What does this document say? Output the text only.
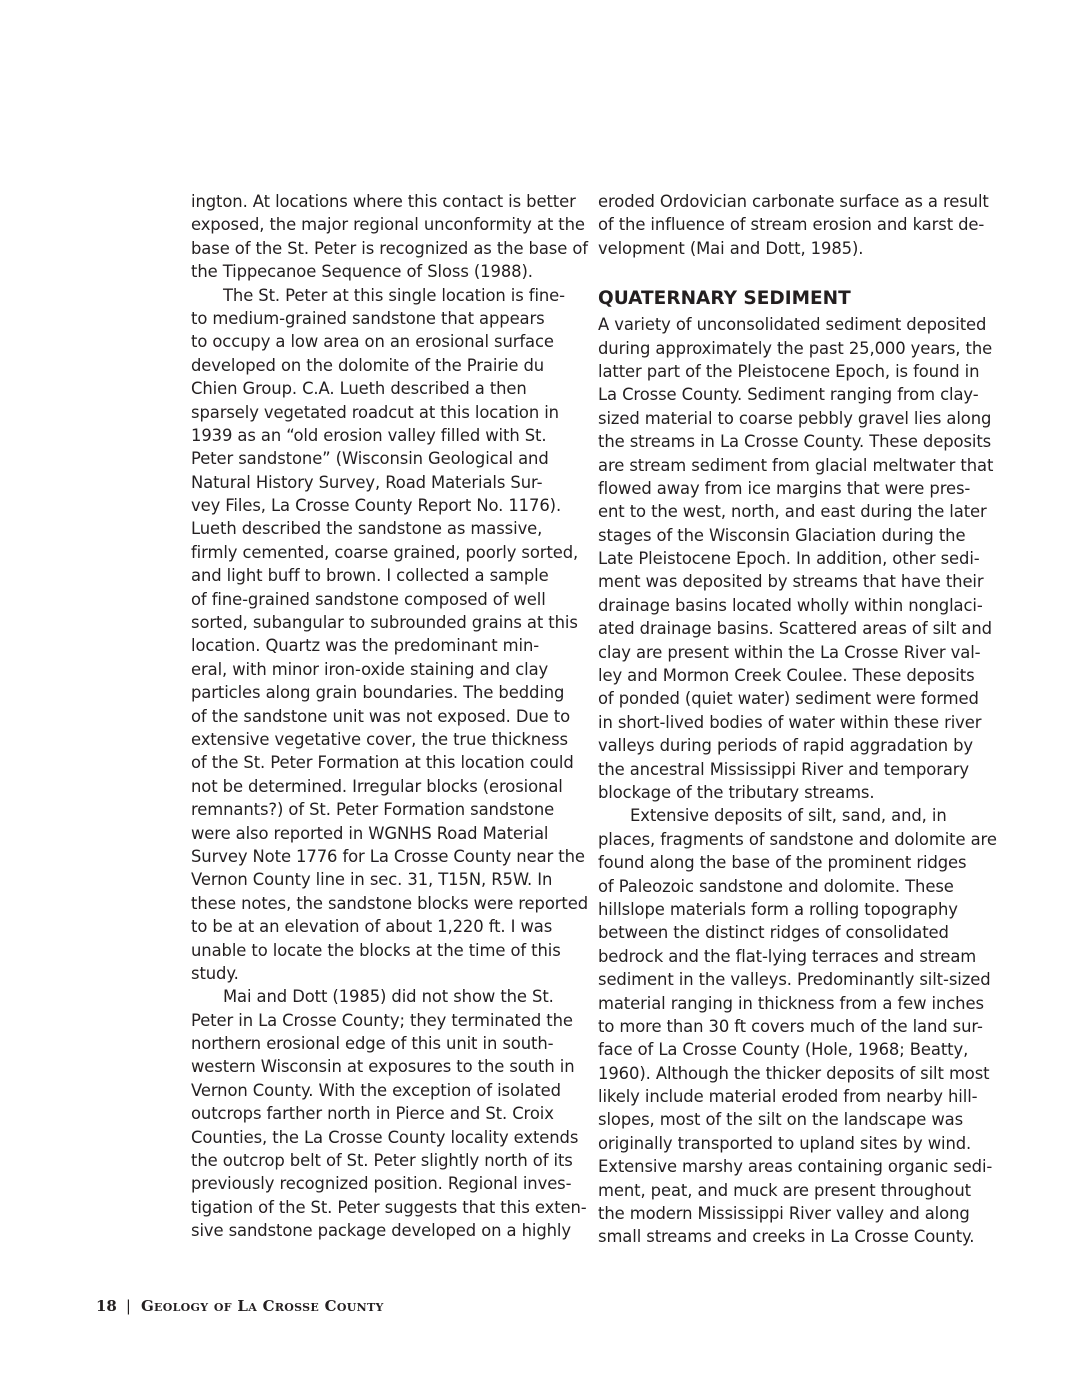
ington. At locations where this contact is better
exposed, the major regional unconformity at the
base of the St. Peter is recognized as the base of
the Tippecanoe Sequence of Sloss (1988).
The St. Peter at this single location is fine-
to medium-grained sandstone that appears
to occupy a low area on an erosional surface
developed on the dolomite of the Prairie du
Chien Group. C.A. Lueth described a then
sparsely vegetated roadcut at this location in
1939 as an “old erosion valley filled with St.
Peter sandstone” (Wisconsin Geological and
Natural History Survey, Road Materials Sur-
vey Files, La Crosse County Report No. 1176).
Lueth described the sandstone as massive,
firmly cemented, coarse grained, poorly sorted,
and light buff to brown. I collected a sample
of fine-grained sandstone composed of well
sorted, subangular to subrounded grains at this
location. Quartz was the predominant min-
eral, with minor iron-oxide staining and clay
particles along grain boundaries. The bedding
of the sandstone unit was not exposed. Due to
extensive vegetative cover, the true thickness
of the St. Peter Formation at this location could
not be determined. Irregular blocks (erosional
remnants?) of St. Peter Formation sandstone
were also reported in WGNHS Road Material
Survey Note 1776 for La Crosse County near the
Vernon County line in sec. 31, T15N, R5W. In
these notes, the sandstone blocks were reported
to be at an elevation of about 1,220 ft. I was
unable to locate the blocks at the time of this
study.
Mai and Dott (1985) did not show the St.
Peter in La Crosse County; they terminated the
northern erosional edge of this unit in south-
western Wisconsin at exposures to the south in
Vernon County. With the exception of isolated
outcrops farther north in Pierce and St. Croix
Counties, the La Crosse County locality extends
the outcrop belt of St. Peter slightly north of its
previously recognized position. Regional inves-
tigation of the St. Peter suggests that this exten-
sive sandstone package developed on a highly
eroded Ordovician carbonate surface as a result
of the influence of stream erosion and karst de-
velopment (Mai and Dott, 1985).
QUATERNARY SEDIMENT
A variety of unconsolidated sediment deposited
during approximately the past 25,000 years, the
latter part of the Pleistocene Epoch, is found in
La Crosse County. Sediment ranging from clay-
sized material to coarse pebbly gravel lies along
the streams in La Crosse County. These deposits
are stream sediment from glacial meltwater that
flowed away from ice margins that were pres-
ent to the west, north, and east during the later
stages of the Wisconsin Glaciation during the
Late Pleistocene Epoch. In addition, other sedi-
ment was deposited by streams that have their
drainage basins located wholly within nonglaci-
ated drainage basins. Scattered areas of silt and
clay are present within the La Crosse River val-
ley and Mormon Creek Coulee. These deposits
of ponded (quiet water) sediment were formed
in short-lived bodies of water within these river
valleys during periods of rapid aggradation by
the ancestral Mississippi River and temporary
blockage of the tributary streams.
Extensive deposits of silt, sand, and, in
places, fragments of sandstone and dolomite are
found along the base of the prominent ridges
of Paleozoic sandstone and dolomite. These
hillslope materials form a rolling topography
between the distinct ridges of consolidated
bedrock and the flat-lying terraces and stream
sediment in the valleys. Predominantly silt-sized
material ranging in thickness from a few inches
to more than 30 ft covers much of the land sur-
face of La Crosse County (Hole, 1968; Beatty,
1960). Although the thicker deposits of silt most
likely include material eroded from nearby hill-
slopes, most of the silt on the landscape was
originally transported to upland sites by wind.
Extensive marshy areas containing organic sedi-
ment, peat, and muck are present throughout
the modern Mississippi River valley and along
small streams and creeks in La Crosse County.
18 | Geology of La Crosse County
